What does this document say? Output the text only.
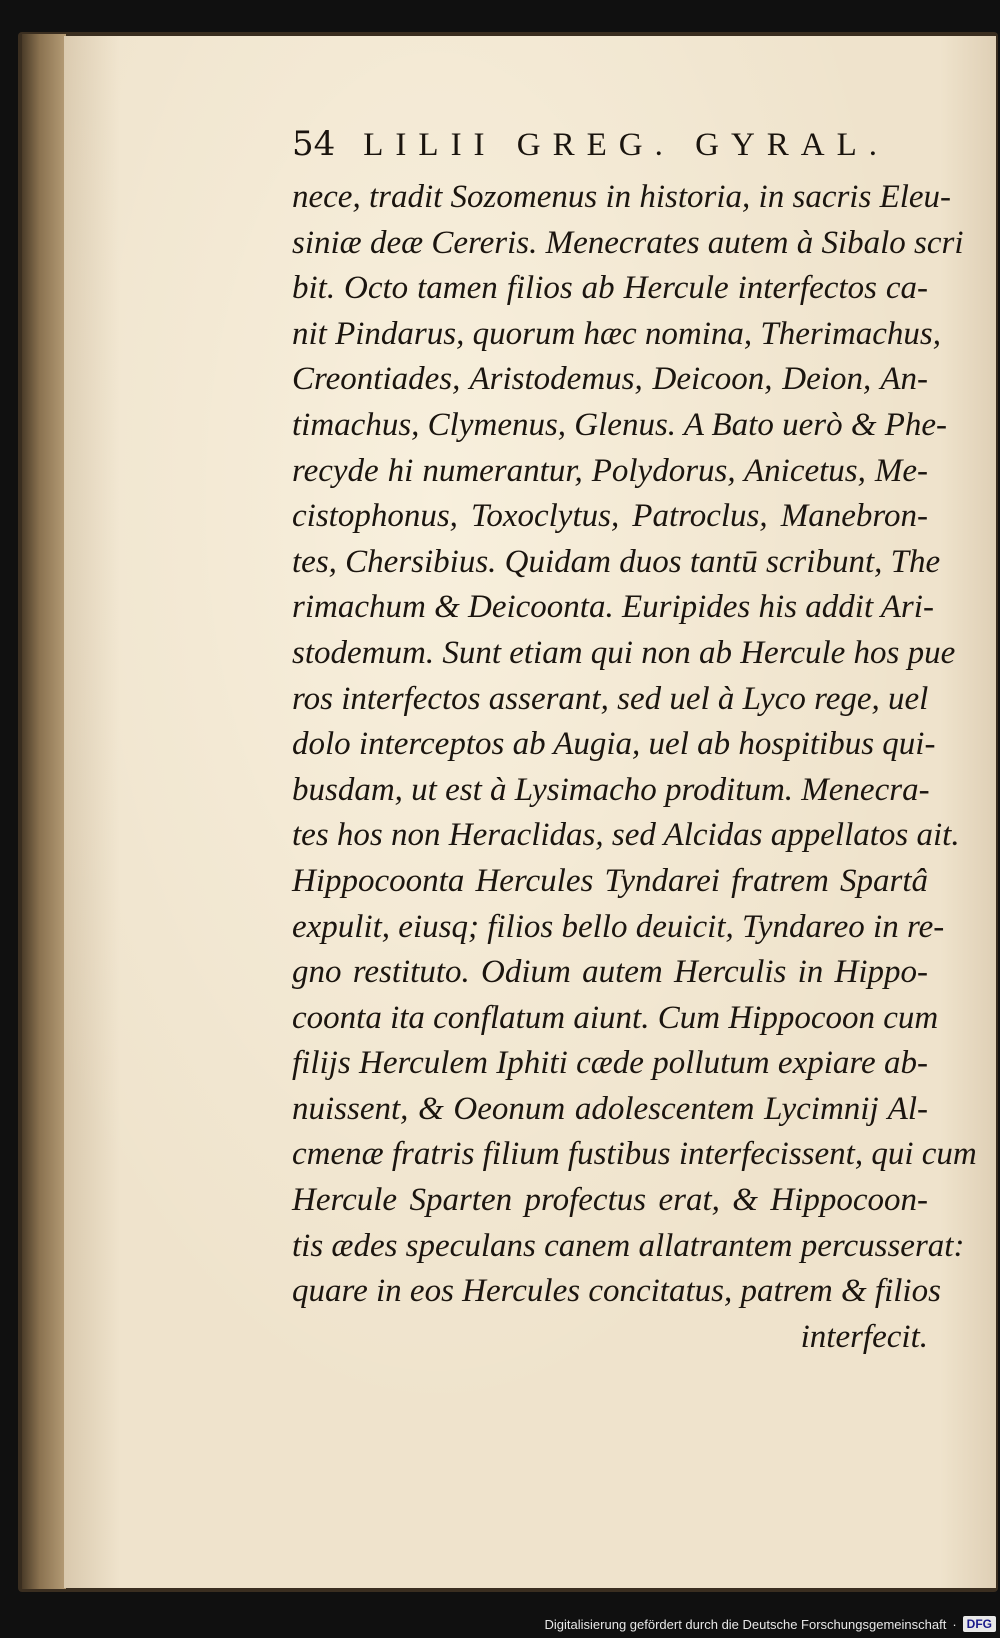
54 LILII GREG. GYRAL.
nece, tradit Sozomenus in historia, in sacris Eleu-
siniæ deæ Cereris. Menecrates autem à Sibalo scri
bit. Octo tamen filios ab Hercule interfectos ca-
nit Pindarus, quorum hæc nomina, Therimachus,
Creontiades, Aristodemus, Deicoon, Deion, An-
timachus, Clymenus, Glenus. A Bato uerò & Phe-
recyde hi numerantur, Polydorus, Anicetus, Me-
cistophonus, Toxoclytus, Patroclus, Manebron-
tes, Chersibius. Quidam duos tantū scribunt, The
rimachum & Deicoonta. Euripides his addit Ari-
stodemum. Sunt etiam qui non ab Hercule hos pue
ros interfectos asserant, sed uel à Lyco rege, uel
dolo interceptos ab Augia, uel ab hospitibus qui-
busdam, ut est à Lysimacho proditum. Menecra-
tes hos non Heraclidas, sed Alcidas appellatos ait.
Hippocoonta Hercules Tyndarei fratrem Spartâ
expulit, eiusq; filios bello deuicit, Tyndareo in re-
gno restituto. Odium autem Herculis in Hippo-
coonta ita conflatum aiunt. Cum Hippocoon cum
filijs Herculem Iphiti cæde pollutum expiare ab-
nuissent, & Oeonum adolescentem Lycimnij Al-
cmenæ fratris filium fustibus interfecissent, qui cum
Hercule Sparten profectus erat, & Hippocoon-
tis ædes speculans canem allatrantem percusserat:
quare in eos Hercules concitatus, patrem & filios
interfecit.
Digitalisierung gefördert durch die Deutsche Forschungsgemeinschaft · DFG
